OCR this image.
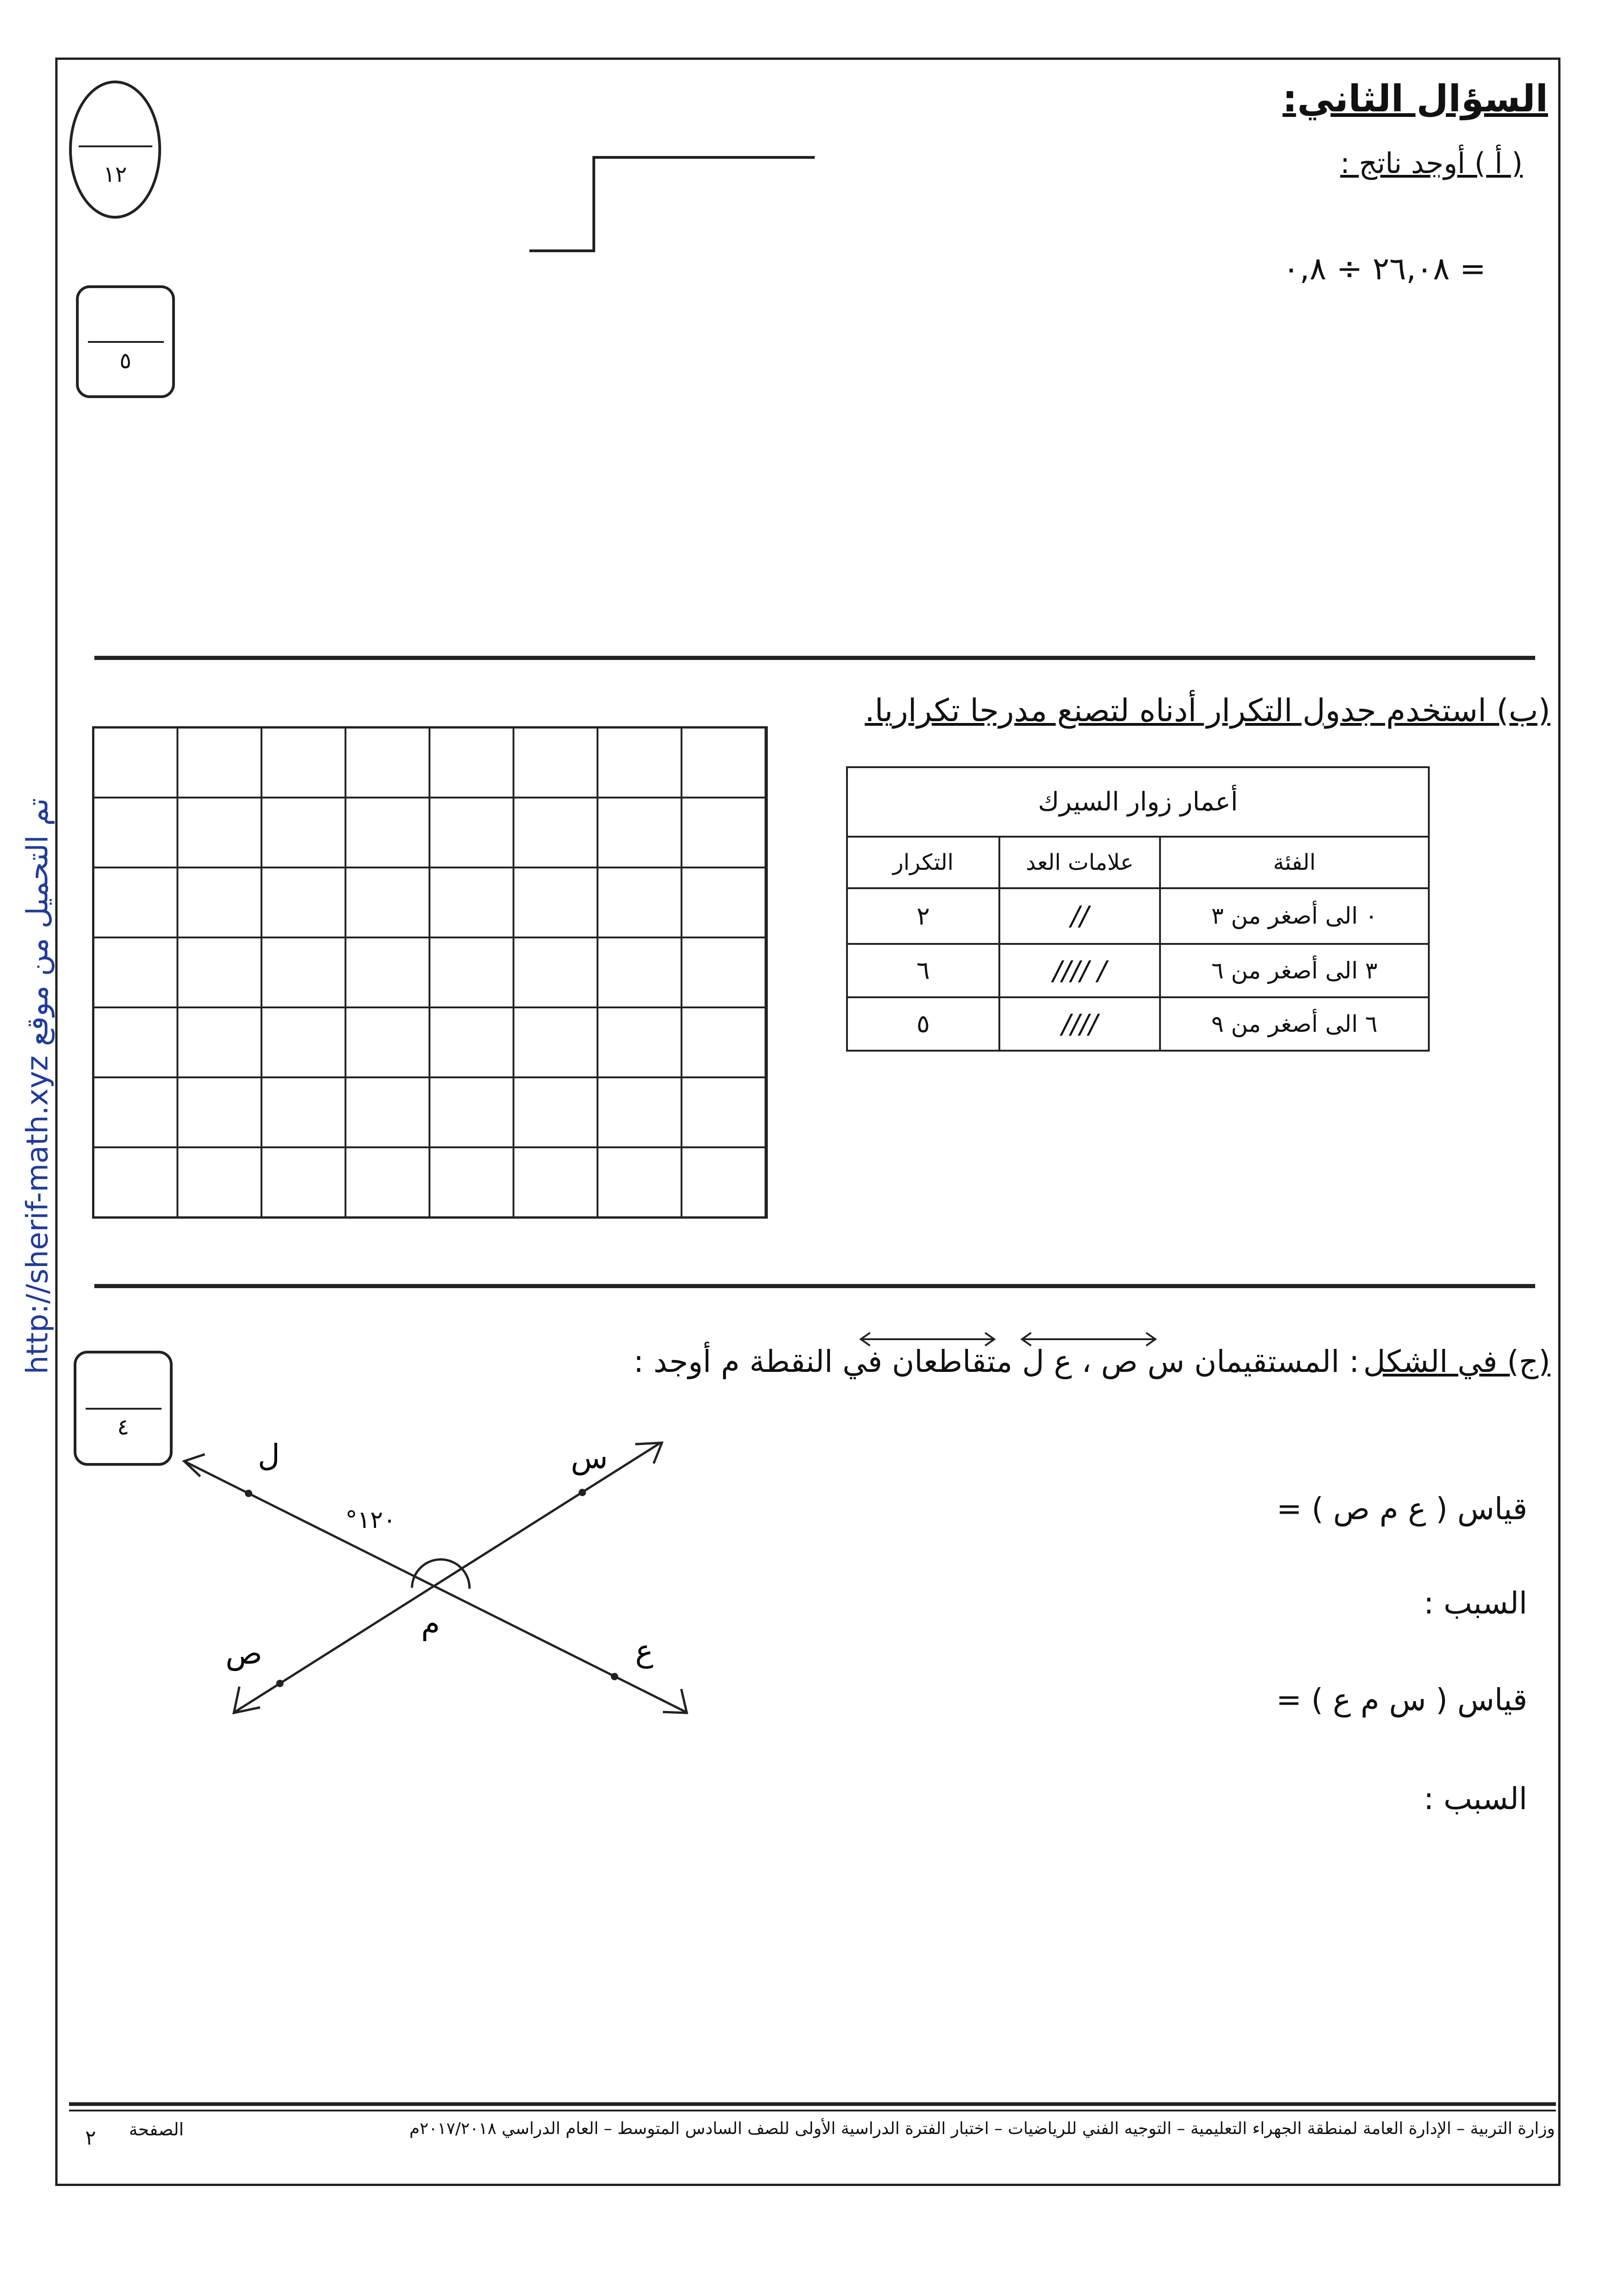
السؤال الثاني:
١٢	( أ ) أوجد ناتج :
٢٦,٠٨ ÷ ٠,٨ =
٥
(ب) استخدم جدول التكرار أدناه لتصنع مدرجا تكراريا.
أعمار زوار السيرك		
الفئة	علامات العد	التكرار
٠ الى أصغر من ٣	//	٢
٣ الى أصغر من ٦	//// /	٦
٦ الى أصغر من ٩	////	٥
(ج) في الشكل
: المستقيمان س ص ، ع ل متقاطعان في النقطة م أوجد :
٤
س
ل
ص	ع
م
١٢٠°	قياس ( ع م ص ) =
السبب :
قياس ( س م ع ) =
السبب :
تم التحميل من موقع http://sherif-math.xyz
وزارة التربية – الإدارة العامة لمنطقة الجهراء التعليمية – التوجيه الفني للرياضيات – اختبار الفترة الدراسية الأولى للصف السادس المتوسط – العام الدراسي ٢٠١٧/٢٠١٨م
الصفحة
٢
